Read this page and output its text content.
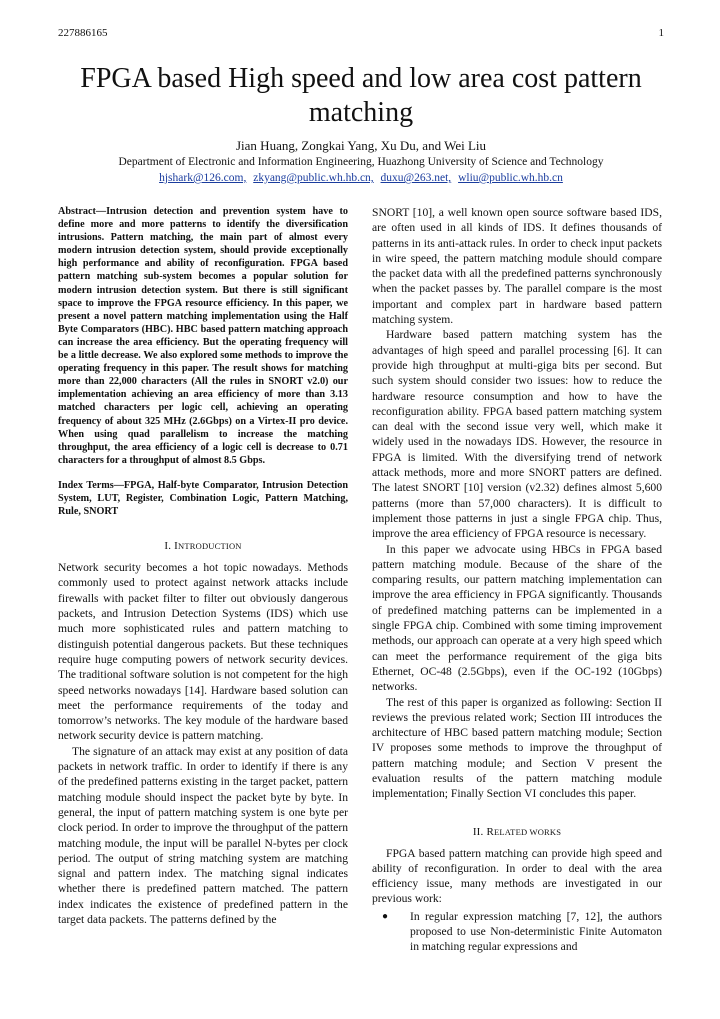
227886165	1
FPGA based High speed and low area cost pattern matching
Jian Huang, Zongkai Yang, Xu Du, and Wei Liu
Department of Electronic and Information Engineering, Huazhong University of Science and Technology
hjshark@126.com, zkyang@public.wh.hb.cn, duxu@263.net, wliu@public.wh.hb.cn

Abstract—Intrusion detection and prevention system have to define more and more patterns to identify the diversification intrusions. Pattern matching, the main part of almost every modern intrusion detection system, should provide exceptionally high performance and ability of reconfiguration. FPGA based pattern matching sub-system becomes a popular solution for modern intrusion detection system. But there is still significant space to improve the FPGA resource efficiency. In this paper, we present a novel pattern matching implementation using the Half Byte Comparators (HBC). HBC based pattern matching approach can increase the area efficiency. But the operating frequency will be a little decrease. We also explored some methods to improve the operating frequency in this paper. The result shows for matching more than 22,000 characters (All the rules in SNORT v2.0) our implementation achieving an area efficiency of more than 3.13 matched characters per logic cell, achieving an operating frequency of about 325 MHz (2.6Gbps) on a Virtex-II pro device. When using quad parallelism to increase the matching throughput, the area efficiency of a logic cell is decrease to 0.71 characters for a throughput of almost 8.5 Gbps.

Index Terms—FPGA, Half-byte Comparator, Intrusion Detection System, LUT, Register, Combination Logic, Pattern Matching, Rule, SNORT

I. INTRODUCTION

Network security becomes a hot topic nowadays. Methods commonly used to protect against network attacks include firewalls with packet filter to filter out obviously dangerous packets, and Intrusion Detection Systems (IDS) which use much more sophisticated rules and pattern matching to distinguish potential dangerous packets. But these techniques require huge computing powers of network security devices. The traditional software solution is not competent for the high speed networks nowadays [14]. Hardware based solution can meet the performance requirements of the today and tomorrow’s networks. The key module of the hardware based network security device is pattern matching.

The signature of an attack may exist at any position of data packets in network traffic. In order to identify if there is any of the predefined patterns existing in the target packet, pattern matching module should inspect the packet byte by byte. In general, the input of pattern matching system is one byte per clock period. In order to improve the throughput of the pattern matching module, the input will be parallel N-bytes per clock period. The output of string matching system are matching signal and pattern index. The matching signal indicates whether there is predefined pattern matched. The pattern index indicates the existence of predefined pattern in the target data packets. The patterns defined by the

SNORT [10], a well known open source software based IDS, are often used in all kinds of IDS. It defines thousands of patterns in its anti-attack rules. In order to check input packets in wire speed, the pattern matching module should compare the packet data with all the predefined patterns synchronously when the packet passes by. The parallel compare is the most important and complex part in hardware based pattern matching system.

Hardware based pattern matching system has the advantages of high speed and parallel processing [6]. It can provide high throughput at multi-giga bits per second. But such system should consider two issues: how to reduce the hardware resource consumption and how to have the reconfiguration ability. FPGA based pattern matching system can deal with the second issue very well, which make it widely used in the nowadays IDS. However, the resource in FPGA is limited. With the diversifying trend of network attack methods, more and more SNORT patters are defined. The latest SNORT [10] version (v2.32) defines almost 5,600 patterns (more than 57,000 characters). It is difficult to implement those patterns in just a single FPGA chip. Thus, improve the area efficiency of FPGA resource is necessary.

In this paper we advocate using HBCs in FPGA based pattern matching module. Because of the share of the comparing results, our pattern matching implementation can improve the area efficiency in FPGA significantly. Thousands of predefined matching patterns can be implemented in a single FPGA chip. Combined with some timing improvement methods, our approach can operate at a very high speed which can meet the performance requirement of the giga bits Ethernet, OC-48 (2.5Gbps), even if the OC-192 (10Gbps) networks.

The rest of this paper is organized as following: Section II reviews the previous related work; Section III introduces the architecture of HBC based pattern matching module; Section IV proposes some methods to improve the throughput of pattern matching module; and Section V present the evaluation results of the pattern matching module implementation; Finally Section VI concludes this paper.

II. RELATED WORKS

FPGA based pattern matching can provide high speed and ability of reconfiguration. In order to deal with the area efficiency issue, many methods are investigated in our previous work:

● In regular expression matching [7, 12], the authors proposed to use Non-deterministic Finite Automaton in matching regular expressions and
